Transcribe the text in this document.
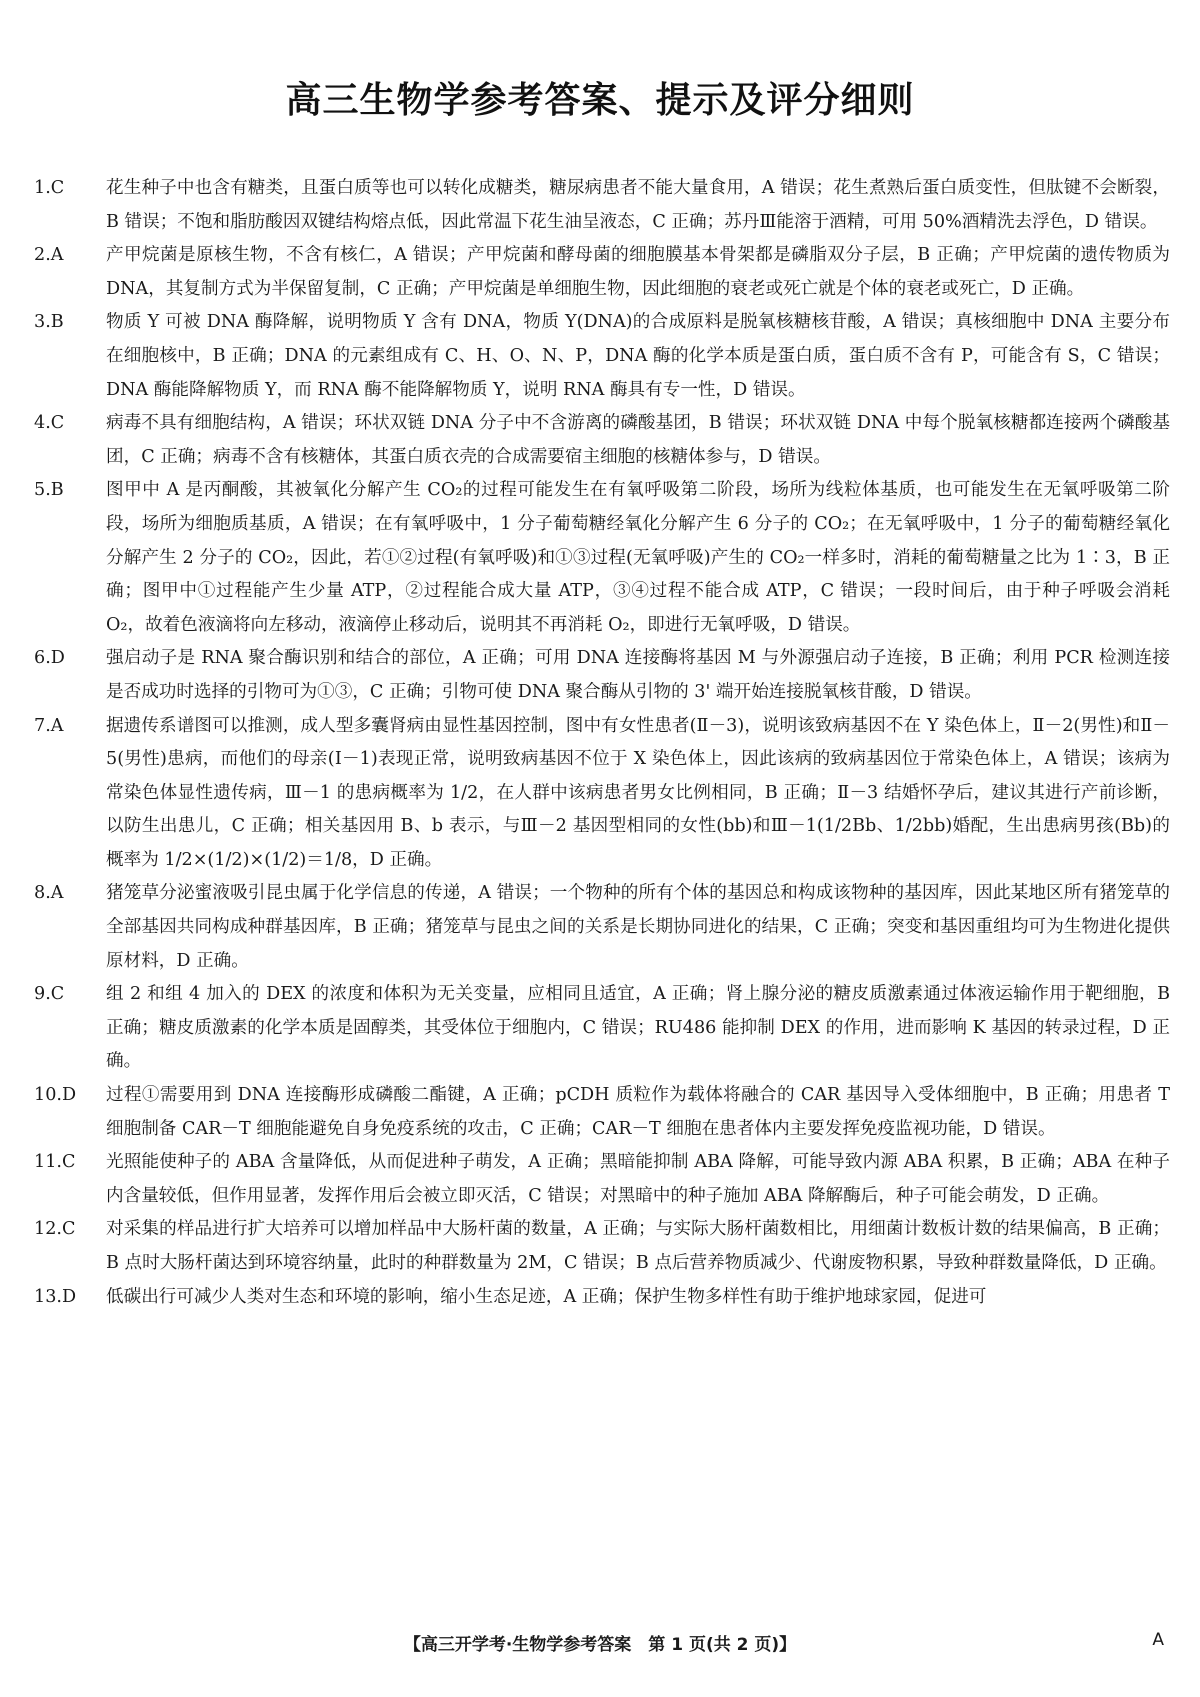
高三生物学参考答案、提示及评分细则
1.C	花生种子中也含有糖类，且蛋白质等也可以转化成糖类，糖尿病患者不能大量食用，A 错误；花生煮熟后蛋白质变性，但肽键不会断裂，B 错误；不饱和脂肪酸因双键结构熔点低，因此常温下花生油呈液态，C 正确；苏丹Ⅲ能溶于酒精，可用 50%酒精洗去浮色，D 错误。
2.A	产甲烷菌是原核生物，不含有核仁，A 错误；产甲烷菌和酵母菌的细胞膜基本骨架都是磷脂双分子层，B 正确；产甲烷菌的遗传物质为 DNA，其复制方式为半保留复制，C 正确；产甲烷菌是单细胞生物，因此细胞的衰老或死亡就是个体的衰老或死亡，D 正确。
3.B	物质 Y 可被 DNA 酶降解，说明物质 Y 含有 DNA，物质 Y(DNA)的合成原料是脱氧核糖核苷酸，A 错误；真核细胞中 DNA 主要分布在细胞核中，B 正确；DNA 的元素组成有 C、H、O、N、P，DNA 酶的化学本质是蛋白质，蛋白质不含有 P，可能含有 S，C 错误；DNA 酶能降解物质 Y，而 RNA 酶不能降解物质 Y，说明 RNA 酶具有专一性，D 错误。
4.C	病毒不具有细胞结构，A 错误；环状双链 DNA 分子中不含游离的磷酸基团，B 错误；环状双链 DNA 中每个脱氧核糖都连接两个磷酸基团，C 正确；病毒不含有核糖体，其蛋白质衣壳的合成需要宿主细胞的核糖体参与，D 错误。
5.B	图甲中 A 是丙酮酸，其被氧化分解产生 CO₂的过程可能发生在有氧呼吸第二阶段，场所为线粒体基质，也可能发生在无氧呼吸第二阶段，场所为细胞质基质，A 错误；在有氧呼吸中，1 分子葡萄糖经氧化分解产生 6 分子的 CO₂；在无氧呼吸中，1 分子的葡萄糖经氧化分解产生 2 分子的 CO₂，因此，若①②过程(有氧呼吸)和①③过程(无氧呼吸)产生的 CO₂一样多时，消耗的葡萄糖量之比为 1∶3，B 正确；图甲中①过程能产生少量 ATP，②过程能合成大量 ATP，③④过程不能合成 ATP，C 错误；一段时间后，由于种子呼吸会消耗 O₂，故着色液滴将向左移动，液滴停止移动后，说明其不再消耗 O₂，即进行无氧呼吸，D 错误。
6.D	强启动子是 RNA 聚合酶识别和结合的部位，A 正确；可用 DNA 连接酶将基因 M 与外源强启动子连接，B 正确；利用 PCR 检测连接是否成功时选择的引物可为①③，C 正确；引物可使 DNA 聚合酶从引物的 3' 端开始连接脱氧核苷酸，D 错误。
7.A	据遗传系谱图可以推测，成人型多囊肾病由显性基因控制，图中有女性患者(Ⅱ－3)，说明该致病基因不在 Y 染色体上，Ⅱ－2(男性)和Ⅱ－5(男性)患病，而他们的母亲(Ⅰ－1)表现正常，说明致病基因不位于 X 染色体上，因此该病的致病基因位于常染色体上，A 错误；该病为常染色体显性遗传病，Ⅲ－1 的患病概率为 1/2，在人群中该病患者男女比例相同，B 正确；Ⅱ－3 结婚怀孕后，建议其进行产前诊断，以防生出患儿，C 正确；相关基因用 B、b 表示，与Ⅲ－2 基因型相同的女性(bb)和Ⅲ－1(1/2Bb、1/2bb)婚配，生出患病男孩(Bb)的概率为 1/2×(1/2)×(1/2)＝1/8，D 正确。
8.A	猪笼草分泌蜜液吸引昆虫属于化学信息的传递，A 错误；一个物种的所有个体的基因总和构成该物种的基因库，因此某地区所有猪笼草的全部基因共同构成种群基因库，B 正确；猪笼草与昆虫之间的关系是长期协同进化的结果，C 正确；突变和基因重组均可为生物进化提供原材料，D 正确。
9.C	组 2 和组 4 加入的 DEX 的浓度和体积为无关变量，应相同且适宜，A 正确；肾上腺分泌的糖皮质激素通过体液运输作用于靶细胞，B 正确；糖皮质激素的化学本质是固醇类，其受体位于细胞内，C 错误；RU486 能抑制 DEX 的作用，进而影响 K 基因的转录过程，D 正确。
10.D	过程①需要用到 DNA 连接酶形成磷酸二酯键，A 正确；pCDH 质粒作为载体将融合的 CAR 基因导入受体细胞中，B 正确；用患者 T 细胞制备 CAR－T 细胞能避免自身免疫系统的攻击，C 正确；CAR－T 细胞在患者体内主要发挥免疫监视功能，D 错误。
11.C	光照能使种子的 ABA 含量降低，从而促进种子萌发，A 正确；黑暗能抑制 ABA 降解，可能导致内源 ABA 积累，B 正确；ABA 在种子内含量较低，但作用显著，发挥作用后会被立即灭活，C 错误；对黑暗中的种子施加 ABA 降解酶后，种子可能会萌发，D 正确。
12.C	对采集的样品进行扩大培养可以增加样品中大肠杆菌的数量，A 正确；与实际大肠杆菌数相比，用细菌计数板计数的结果偏高，B 正确；B 点时大肠杆菌达到环境容纳量，此时的种群数量为 2M，C 错误；B 点后营养物质减少、代谢废物积累，导致种群数量降低，D 正确。
13.D	低碳出行可减少人类对生态和环境的影响，缩小生态足迹，A 正确；保护生物多样性有助于维护地球家园，促进可
【高三开学考·生物学参考答案　第 1 页(共 2 页)】	A
